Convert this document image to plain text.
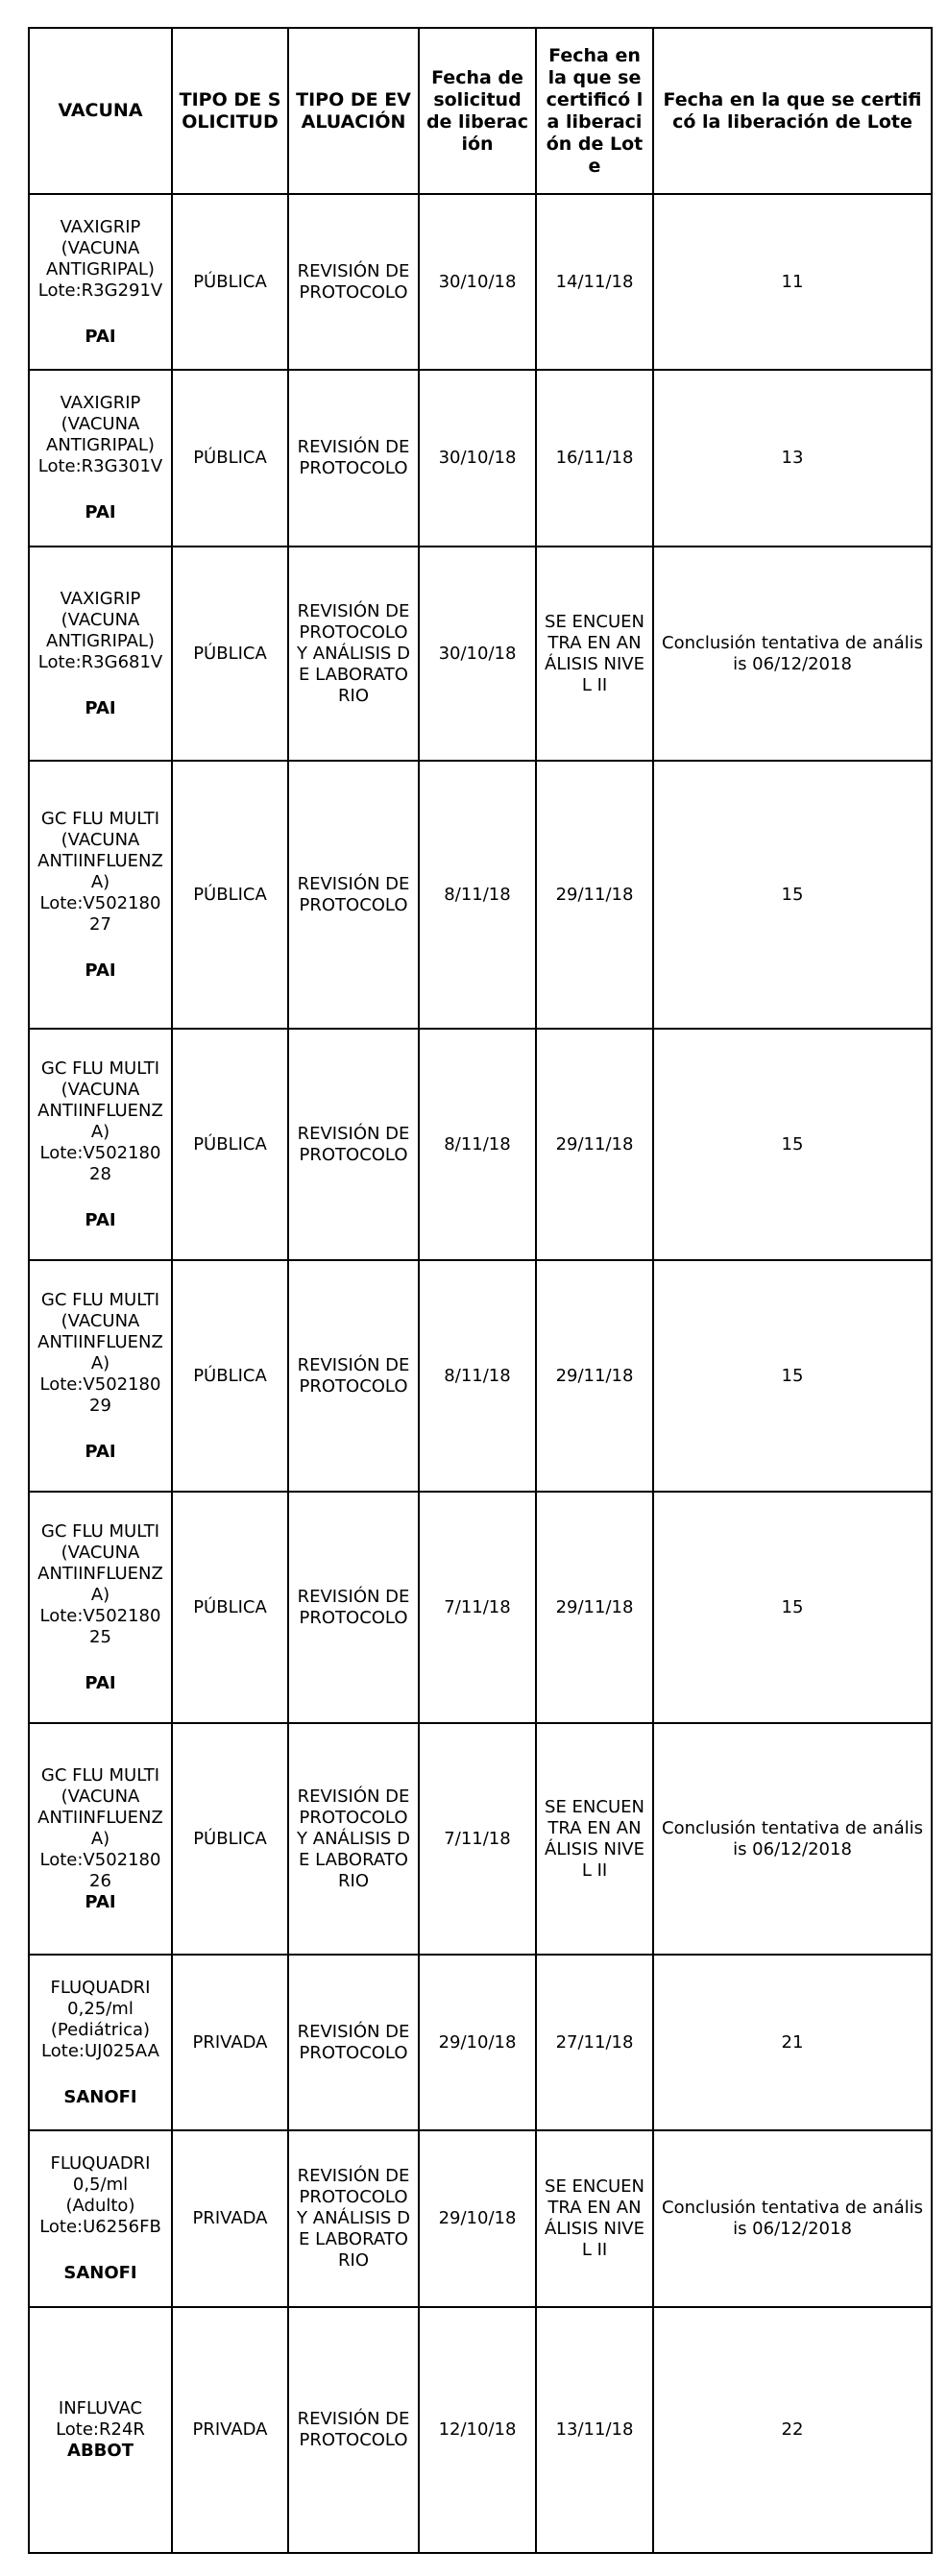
VACUNA	TIPO DE SOLICITUD	TIPO DE EVALUACIÓN	Fecha de solicitud de liberación	Fecha en la que se certificó la liberación de Lote	Fecha en la que se certificó la liberación de Lote

VAXIGRIP
(VACUNA
ANTIGRIPAL)
Lote:R3G291V
PAI	PÚBLICA	REVISIÓN DE PROTOCOLO	30/10/18	14/11/18	11

VAXIGRIP
(VACUNA
ANTIGRIPAL)
Lote:R3G301V
PAI	PÚBLICA	REVISIÓN DE PROTOCOLO	30/10/18	16/11/18	13

VAXIGRIP
(VACUNA
ANTIGRIPAL)
Lote:R3G681V
PAI	PÚBLICA	REVISIÓN DE PROTOCOLO Y ANÁLISIS DE LABORATORIO	30/10/18	SE ENCUENTRA EN ANÁLISIS NIVEL II	Conclusión tentativa de análisis 06/12/2018

GC FLU MULTI
(VACUNA
ANTIINFLUENZA)
Lote:V50218027
PAI	PÚBLICA	REVISIÓN DE PROTOCOLO	8/11/18	29/11/18	15

GC FLU MULTI
(VACUNA
ANTIINFLUENZA)
Lote:V50218028
PAI	PÚBLICA	REVISIÓN DE PROTOCOLO	8/11/18	29/11/18	15

GC FLU MULTI
(VACUNA
ANTIINFLUENZA)
Lote:V50218029
PAI	PÚBLICA	REVISIÓN DE PROTOCOLO	8/11/18	29/11/18	15

GC FLU MULTI
(VACUNA
ANTIINFLUENZA)
Lote:V50218025
PAI	PÚBLICA	REVISIÓN DE PROTOCOLO	7/11/18	29/11/18	15

GC FLU MULTI
(VACUNA
ANTIINFLUENZA)
Lote:V50218026
PAI	PÚBLICA	REVISIÓN DE PROTOCOLO Y ANÁLISIS DE LABORATORIO	7/11/18	SE ENCUENTRA EN ANÁLISIS NIVEL II	Conclusión tentativa de análisis 06/12/2018

FLUQUADRI
0,25/ml
(Pediátrica)
Lote:UJ025AA
SANOFI	PRIVADA	REVISIÓN DE PROTOCOLO	29/10/18	27/11/18	21

FLUQUADRI
0,5/ml
(Adulto)
Lote:U6256FB
SANOFI	PRIVADA	REVISIÓN DE PROTOCOLO Y ANÁLISIS DE LABORATORIO	29/10/18	SE ENCUENTRA EN ANÁLISIS NIVEL II	Conclusión tentativa de análisis 06/12/2018

INFLUVAC
Lote:R24R
ABBOT	PRIVADA	REVISIÓN DE PROTOCOLO	12/10/18	13/11/18	22
